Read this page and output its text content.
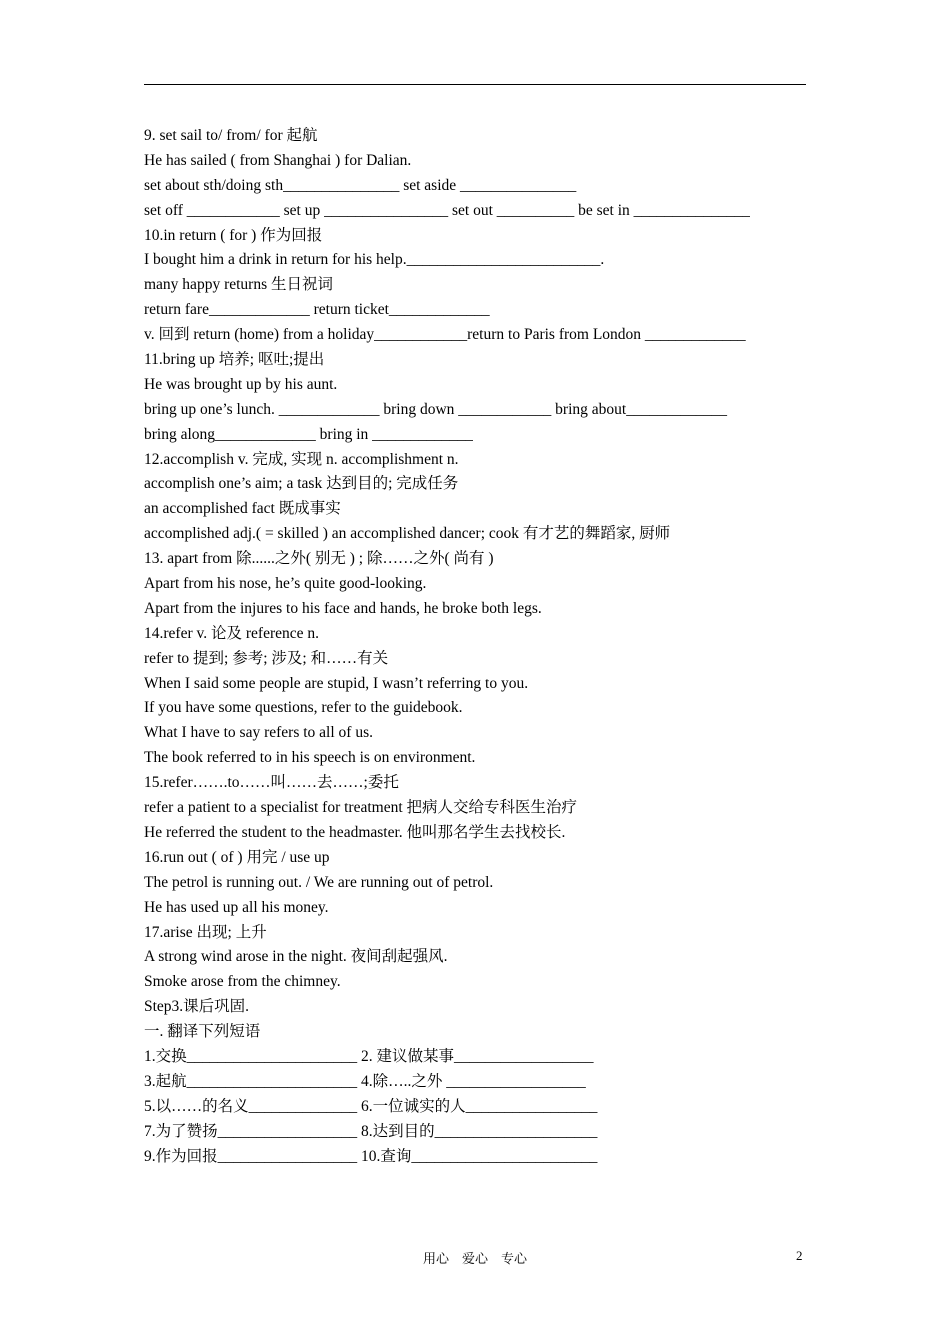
9. set sail to/ from/ for 起航
He has sailed ( from Shanghai ) for Dalian.
set about sth/doing sth_______________ set aside _______________
set off ____________ set up ________________ set out __________ be set in _______________
10.in return ( for ) 作为回报
I bought him a drink in return for his help._________________________.
many happy returns 生日祝词
return fare_____________ return ticket_____________
v. 回到 return (home) from a holiday____________return to Paris from London _____________
11.bring up 培养; 呕吐;提出
He was brought up by his aunt.
bring up one’s lunch. _____________ bring down ____________ bring about_____________
bring along_____________ bring in _____________
12.accomplish v. 完成, 实现 n. accomplishment n.
accomplish one’s aim; a task 达到目的; 完成任务
an accomplished fact 既成事实
accomplished adj.( = skilled ) an accomplished dancer; cook 有才艺的舞蹈家, 厨师
13. apart from 除......之外( 别无 ) ; 除……之外( 尚有 )
Apart from his nose, he’s quite good-looking.
Apart from the injures to his face and hands, he broke both legs.
14.refer v. 论及 reference n.
refer to 提到; 参考; 涉及; 和……有关
When I said some people are stupid, I wasn’t referring to you.
If you have some questions, refer to the guidebook.
What I have to say refers to all of us.
The book referred to in his speech is on environment.
15.refer…….to……叫……去……;委托
refer a patient to a specialist for treatment 把病人交给专科医生治疗
He referred the student to the headmaster. 他叫那名学生去找校长.
16.run out ( of ) 用完 / use up
The petrol is running out. / We are running out of petrol.
He has used up all his money.
17.arise 出现; 上升
A strong wind arose in the night. 夜间刮起强风.
Smoke arose from the chimney.
Step3.课后巩固.
一. 翻译下列短语
1.交换______________________ 2. 建议做某事__________________
3.起航______________________ 4.除…..之外 __________________
5.以……的名义______________ 6.一位诚实的人_________________
7.为了赞扬__________________ 8.达到目的_____________________
9.作为回报__________________ 10.查询________________________
用心    爱心    专心	2
